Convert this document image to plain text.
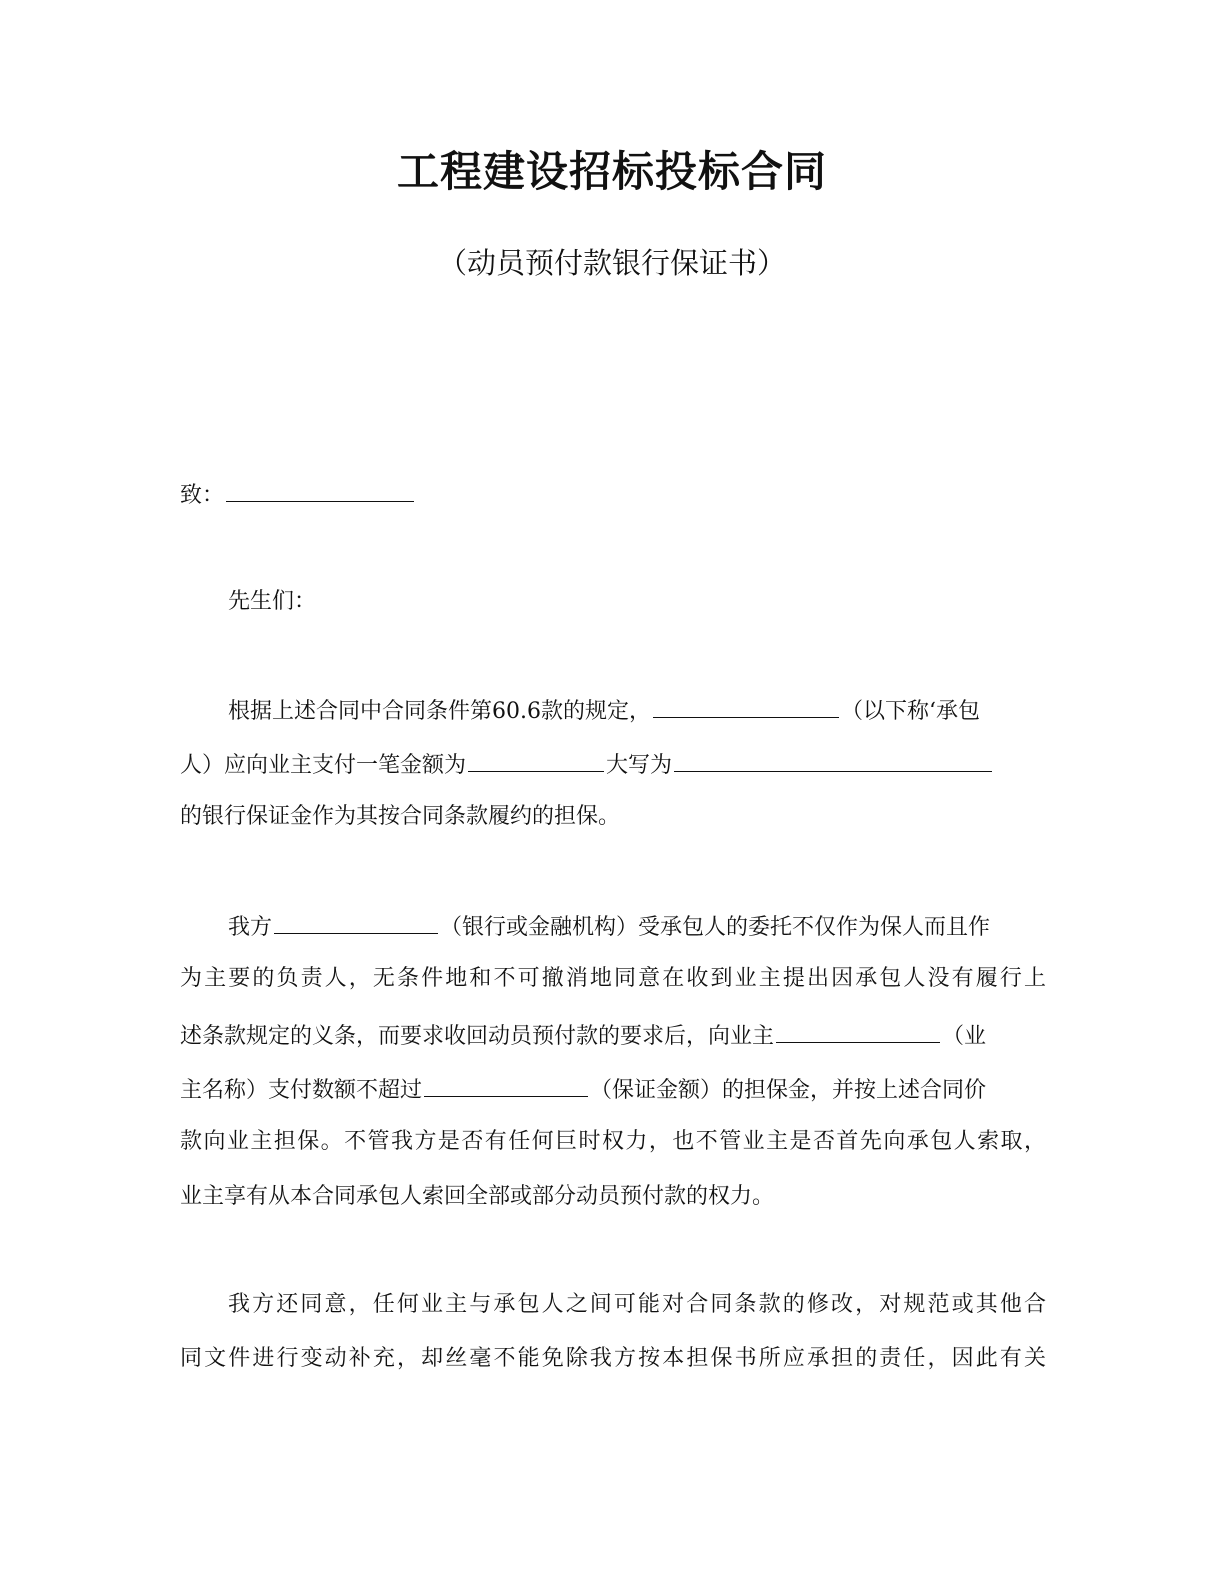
工程建设招标投标合同
（动员预付款银行保证书）
致：
先生们：
根据上述合同中合同条件第60.6款的规定，	（以下称‘承包
人）应向业主支付一笔金额为	大写为
的银行保证金作为其按合同条款履约的担保。
我方	（银行或金融机构）受承包人的委托不仅作为保人而且作
为主要的负责人，无条件地和不可撤消地同意在收到业主提出因承包人没有履行上
述条款规定的义条，而要求收回动员预付款的要求后，向业主	（业
主名称）支付数额不超过	（保证金额）的担保金，并按上述合同价
款向业主担保。不管我方是否有任何巨时权力，也不管业主是否首先向承包人索取，
业主享有从本合同承包人索回全部或部分动员预付款的权力。
我方还同意，任何业主与承包人之间可能对合同条款的修改，对规范或其他合
同文件进行变动补充，却丝毫不能免除我方按本担保书所应承担的责任，因此有关
